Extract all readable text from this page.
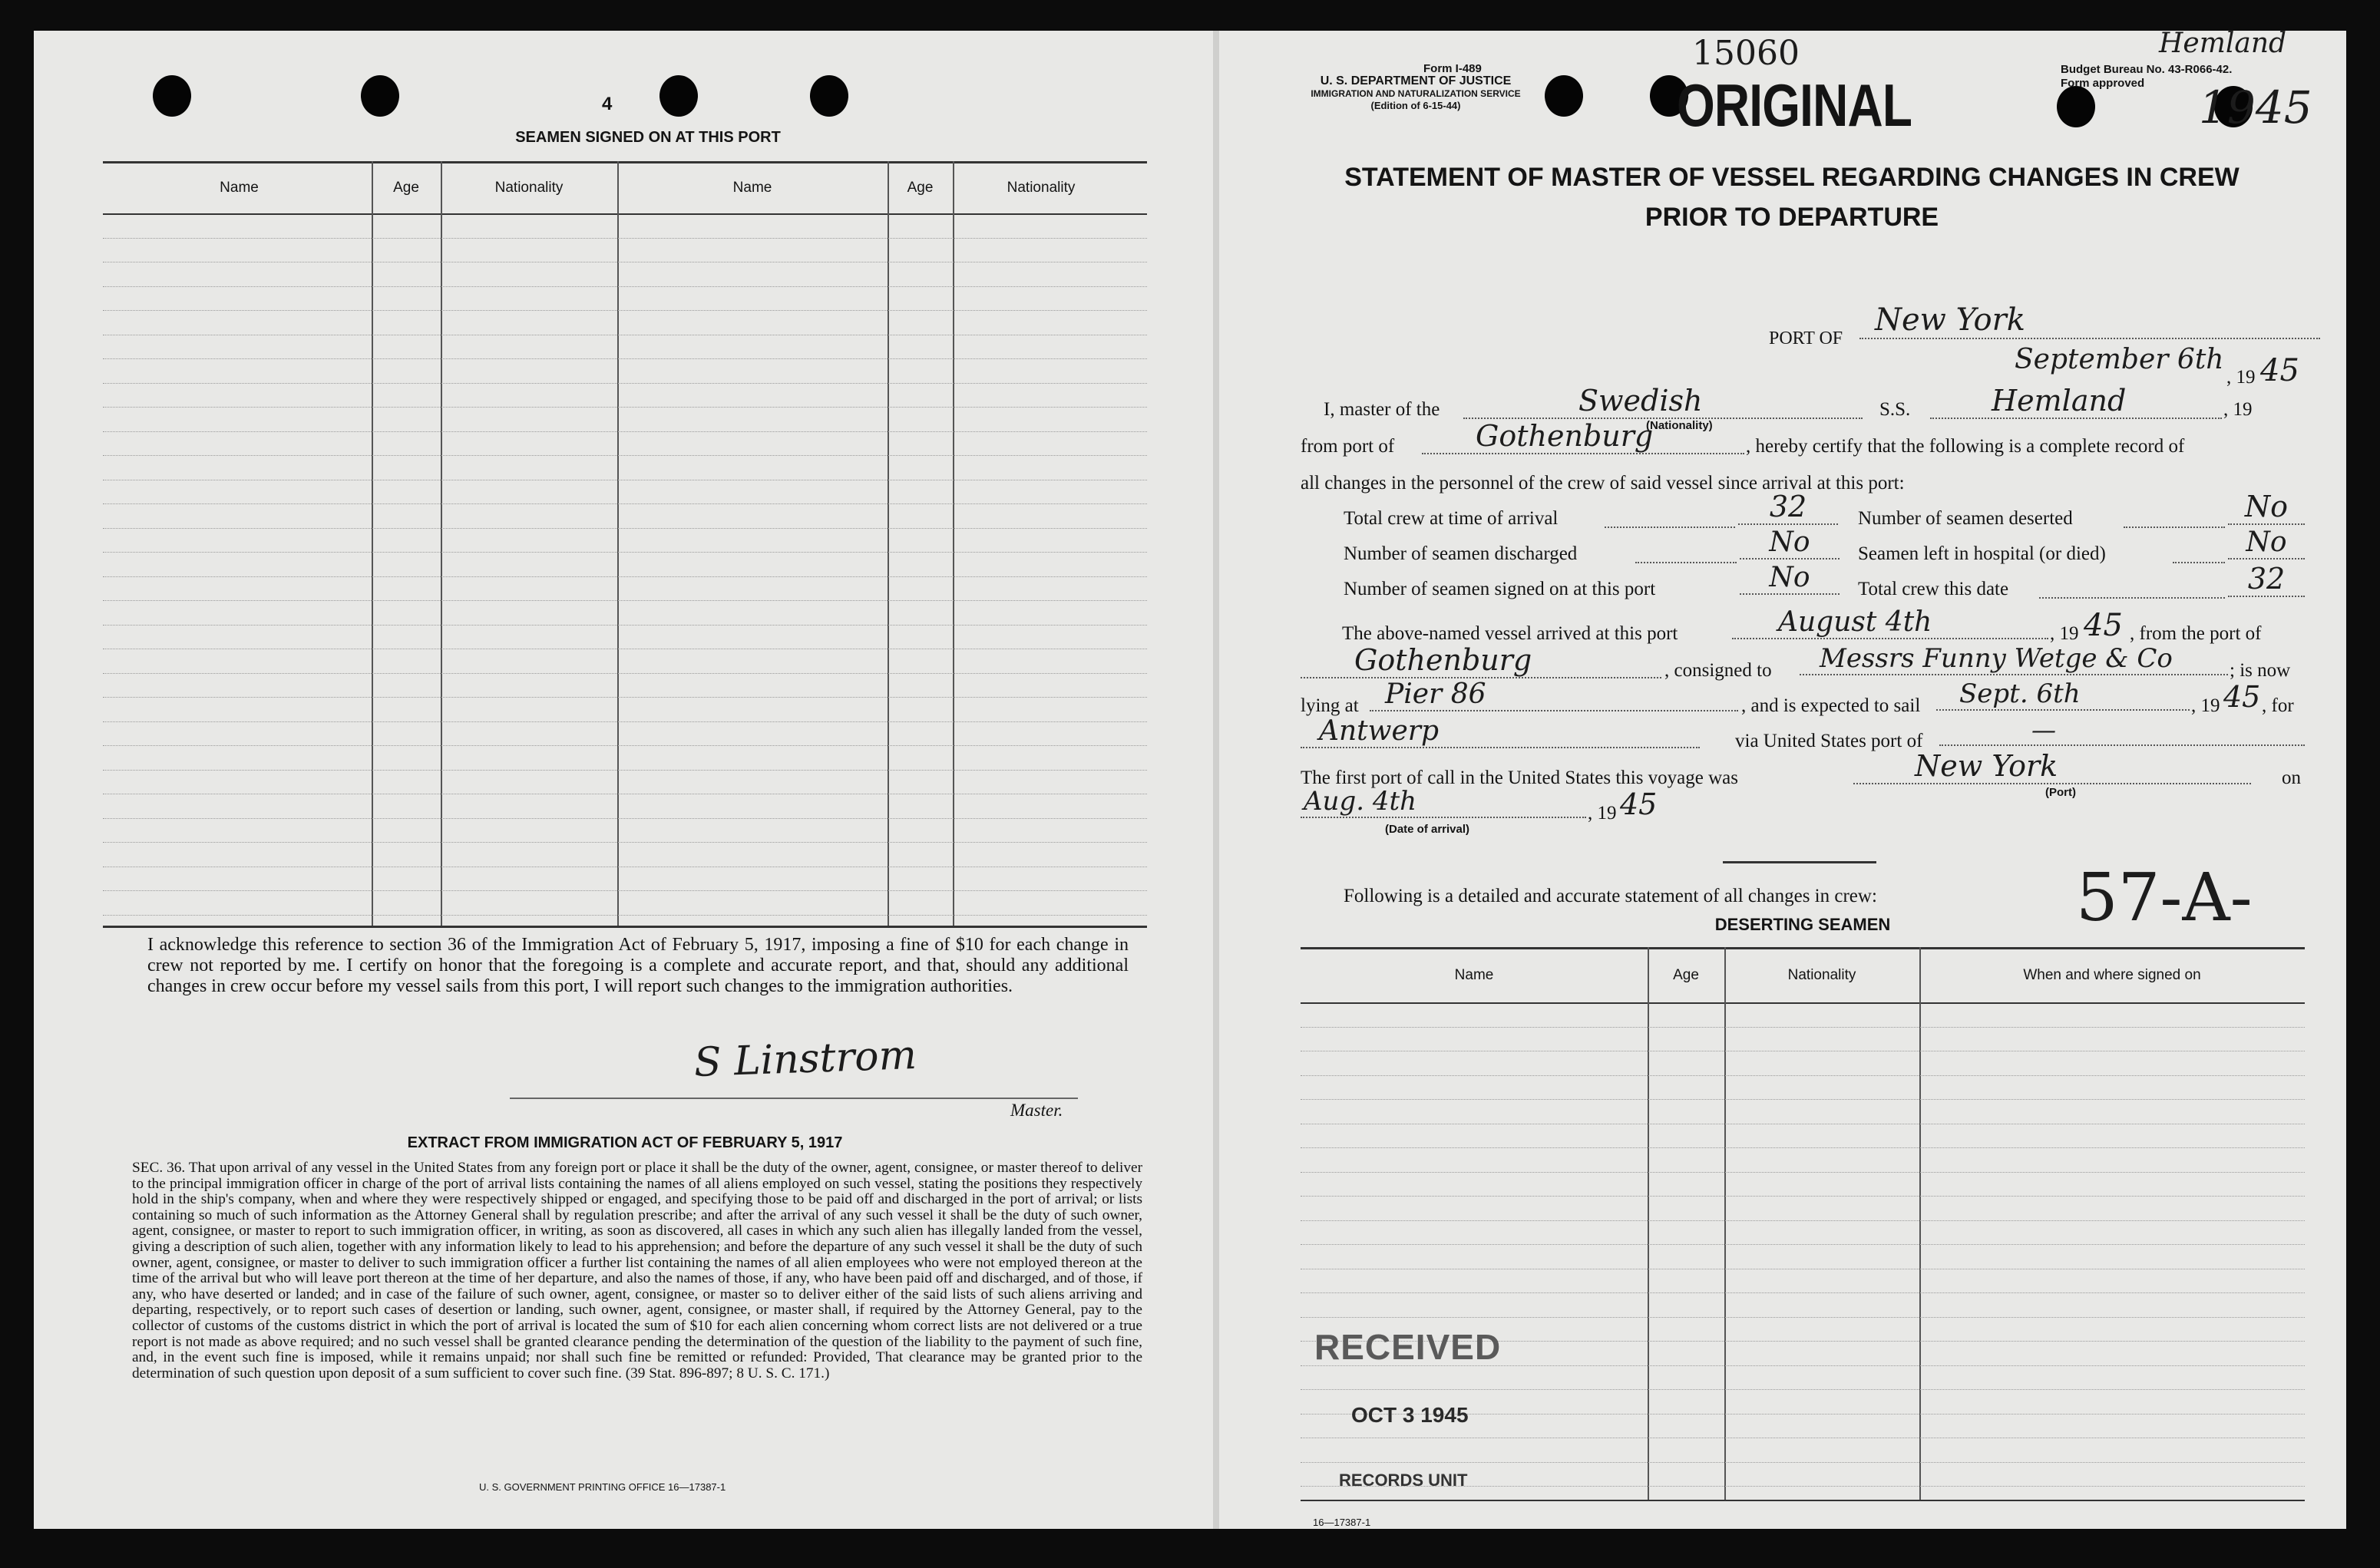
4
SEAMEN SIGNED ON AT THIS PORT
Name	Age	Nationality	Name	Age	Nationality
I acknowledge this reference to section 36 of the Immigration Act of February 5, 1917, imposing a fine of $10 for each change in crew not reported by me. I certify on honor that the foregoing is a complete and accurate report, and that, should any additional changes in crew occur before my vessel sails from this port, I will report such changes to the immigration authorities.
S Linstrom
Master.
EXTRACT FROM IMMIGRATION ACT OF FEBRUARY 5, 1917
SEC. 36. That upon arrival of any vessel in the United States from any foreign port or place it shall be the duty of the owner, agent, consignee, or master thereof to deliver to the principal immigration officer in charge of the port of arrival lists containing the names of all aliens employed on such vessel, stating the positions they respectively hold in the ship's company, when and where they were respectively shipped or engaged, and specifying those to be paid off and discharged in the port of arrival; or lists containing so much of such information as the Attorney General shall by regulation prescribe; and after the arrival of any such vessel it shall be the duty of such owner, agent, consignee, or master to report to such immigration officer, in writing, as soon as discovered, all cases in which any such alien has illegally landed from the vessel, giving a description of such alien, together with any information likely to lead to his apprehension; and before the departure of any such vessel it shall be the duty of such owner, agent, consignee, or master to deliver to such immigration officer a further list containing the names of all alien employees who were not employed thereon at the time of the arrival but who will leave port thereon at the time of her departure, and also the names of those, if any, who have been paid off and discharged, and of those, if any, who have deserted or landed; and in case of the failure of such owner, agent, consignee, or master so to deliver either of the said lists of such aliens arriving and departing, respectively, or to report such cases of desertion or landing, such owner, agent, consignee, or master shall, if required by the Attorney General, pay to the collector of customs of the customs district in which the port of arrival is located the sum of $10 for each alien concerning whom correct lists are not delivered or a true report is not made as above required; and no such vessel shall be granted clearance pending the determination of the question of the liability to the payment of such fine, and, in the event such fine is imposed, while it remains unpaid; nor shall such fine be remitted or refunded: Provided, That clearance may be granted prior to the determination of such question upon deposit of a sum sufficient to cover such fine. (39 Stat. 896-897; 8 U. S. C. 171.)
U. S. GOVERNMENT PRINTING OFFICE 16—17387-1
Form I-489
U. S. DEPARTMENT OF JUSTICE
IMMIGRATION AND NATURALIZATION SERVICE
(Edition of 6-15-44)
15060
ORIGINAL
Hemland
Budget Bureau No. 43-R066-42.
Form approved 1945
STATEMENT OF MASTER OF VESSEL REGARDING CHANGES IN CREW
PRIOR TO DEPARTURE
PORT OF
New York
September 6th
, 19 45
I, master of the	Swedish
(Nationality)
S.S.	Hemland	, 19
from port of	Gothenburg	, hereby certify that the following is a complete record of
all changes in the personnel of the crew of said vessel since arrival at this port:
Total crew at time of arrival	32	Number of seamen deserted	No
Number of seamen discharged	No	Seamen left in hospital (or died)	No
Number of seamen signed on at this port	No	Total crew this date	32
The above-named vessel arrived at this port	August 4th	, 19 45 , from the port of
Gothenburg	, consigned to	Messrs Funny Wetge & Co	; is now
lying at Pier 86	, and is expected to sail	Sept. 6th	, 19 45 , for
Antwerp	via United States port of	—
The first port of call in the United States this voyage was	New York	on
(Port)
Aug. 4th	, 19 45
(Date of arrival)
57-A-
Following is a detailed and accurate statement of all changes in crew:
DESERTING SEAMEN
Name	Age	Nationality	When and where signed on
RECEIVED
OCT 3 1945
RECORDS UNIT
16—17387-1
